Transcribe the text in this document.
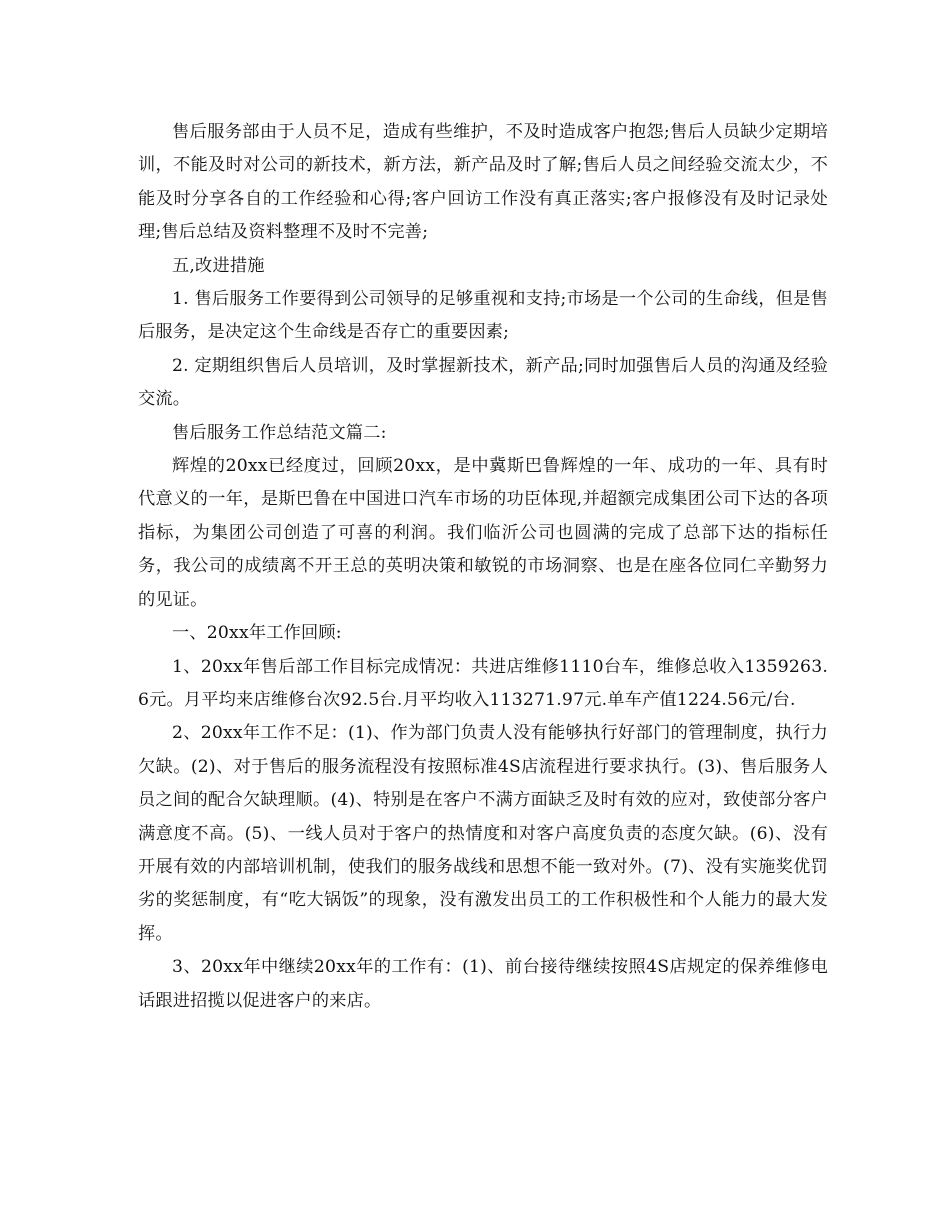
售后服务部由于人员不足，造成有些维护，不及时造成客户抱怨;售后人员缺少定期培训，不能及时对公司的新技术，新方法，新产品及时了解;售后人员之间经验交流太少，不能及时分享各自的工作经验和心得;客户回访工作没有真正落实;客户报修没有及时记录处理;售后总结及资料整理不及时不完善;

五,改进措施

1. 售后服务工作要得到公司领导的足够重视和支持;市场是一个公司的生命线，但是售后服务，是决定这个生命线是否存亡的重要因素;

2. 定期组织售后人员培训，及时掌握新技术，新产品;同时加强售后人员的沟通及经验交流。

售后服务工作总结范文篇二:

辉煌的20xx已经度过，回顾20xx，是中冀斯巴鲁辉煌的一年、成功的一年、具有时代意义的一年，是斯巴鲁在中国进口汽车市场的功臣体现,并超额完成集团公司下达的各项指标，为集团公司创造了可喜的利润。我们临沂公司也圆满的完成了总部下达的指标任务，我公司的成绩离不开王总的英明决策和敏锐的市场洞察、也是在座各位同仁辛勤努力的见证。

一、20xx年工作回顾:

1、20xx年售后部工作目标完成情况：共进店维修1110台车，维修总收入1359263.6元。月平均来店维修台次92.5台.月平均收入113271.97元.单车产值1224.56元/台.

2、20xx年工作不足：(1)、作为部门负责人没有能够执行好部门的管理制度，执行力欠缺。(2)、对于售后的服务流程没有按照标准4S店流程进行要求执行。(3)、售后服务人员之间的配合欠缺理顺。(4)、特别是在客户不满方面缺乏及时有效的应对，致使部分客户满意度不高。(5)、一线人员对于客户的热情度和对客户高度负责的态度欠缺。(6)、没有开展有效的内部培训机制，使我们的服务战线和思想不能一致对外。(7)、没有实施奖优罚劣的奖惩制度，有“吃大锅饭”的现象，没有激发出员工的工作积极性和个人能力的最大发挥。

3、20xx年中继续20xx年的工作有：(1)、前台接待继续按照4S店规定的保养维修电话跟进招揽以促进客户的来店。
